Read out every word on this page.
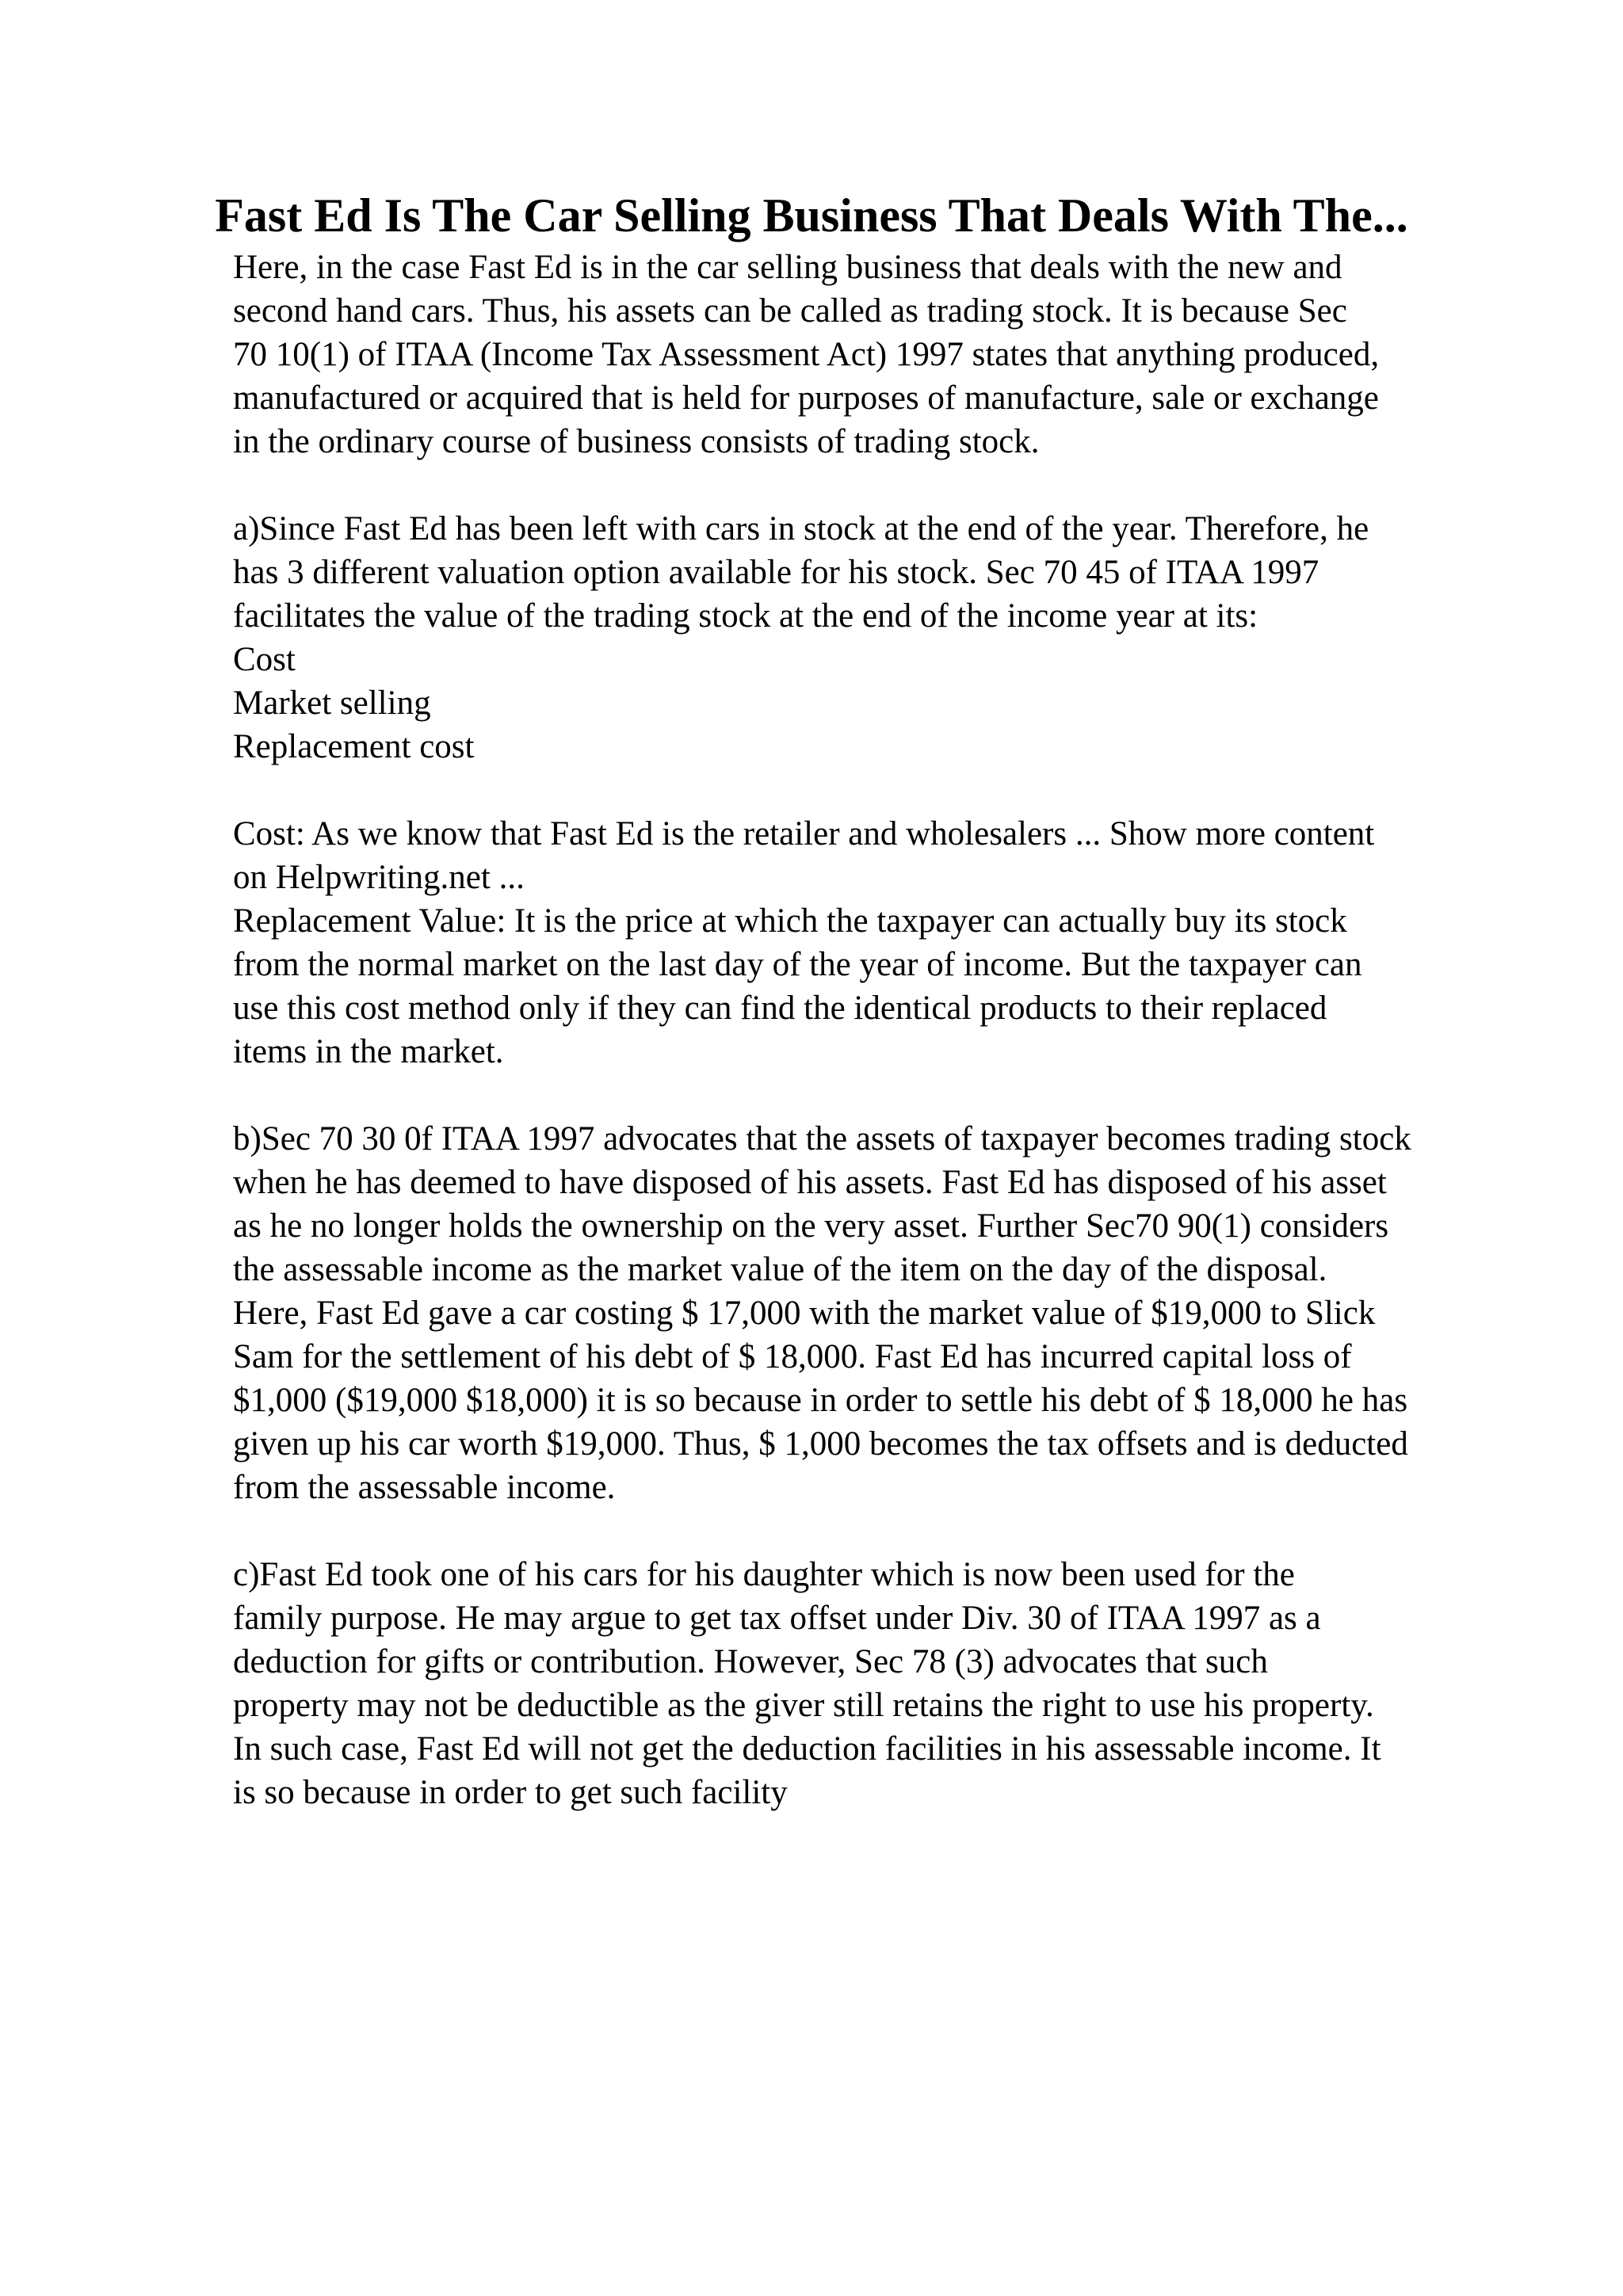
Fast Ed Is The Car Selling Business That Deals With The...

Here, in the case Fast Ed is in the car selling business that deals with the new and
second hand cars. Thus, his assets can be called as trading stock. It is because Sec
70 10(1) of ITAA (Income Tax Assessment Act) 1997 states that anything produced,
manufactured or acquired that is held for purposes of manufacture, sale or exchange
in the ordinary course of business consists of trading stock.

a)Since Fast Ed has been left with cars in stock at the end of the year. Therefore, he
has 3 different valuation option available for his stock. Sec 70 45 of ITAA 1997
facilitates the value of the trading stock at the end of the income year at its:
Cost
Market selling
Replacement cost

Cost: As we know that Fast Ed is the retailer and wholesalers ... Show more content
on Helpwriting.net ...

Replacement Value: It is the price at which the taxpayer can actually buy its stock
from the normal market on the last day of the year of income. But the taxpayer can
use this cost method only if they can find the identical products to their replaced
items in the market.

b)Sec 70 30 0f ITAA 1997 advocates that the assets of taxpayer becomes trading stock
when he has deemed to have disposed of his assets. Fast Ed has disposed of his asset
as he no longer holds the ownership on the very asset. Further Sec70 90(1) considers
the assessable income as the market value of the item on the day of the disposal.
Here, Fast Ed gave a car costing $ 17,000 with the market value of $19,000 to Slick
Sam for the settlement of his debt of $ 18,000. Fast Ed has incurred capital loss of
$1,000 ($19,000 $18,000) it is so because in order to settle his debt of $ 18,000 he has
given up his car worth $19,000. Thus, $ 1,000 becomes the tax offsets and is deducted
from the assessable income.

c)Fast Ed took one of his cars for his daughter which is now been used for the
family purpose. He may argue to get tax offset under Div. 30 of ITAA 1997 as a
deduction for gifts or contribution. However, Sec 78 (3) advocates that such
property may not be deductible as the giver still retains the right to use his property.
In such case, Fast Ed will not get the deduction facilities in his assessable income. It
is so because in order to get such facility
